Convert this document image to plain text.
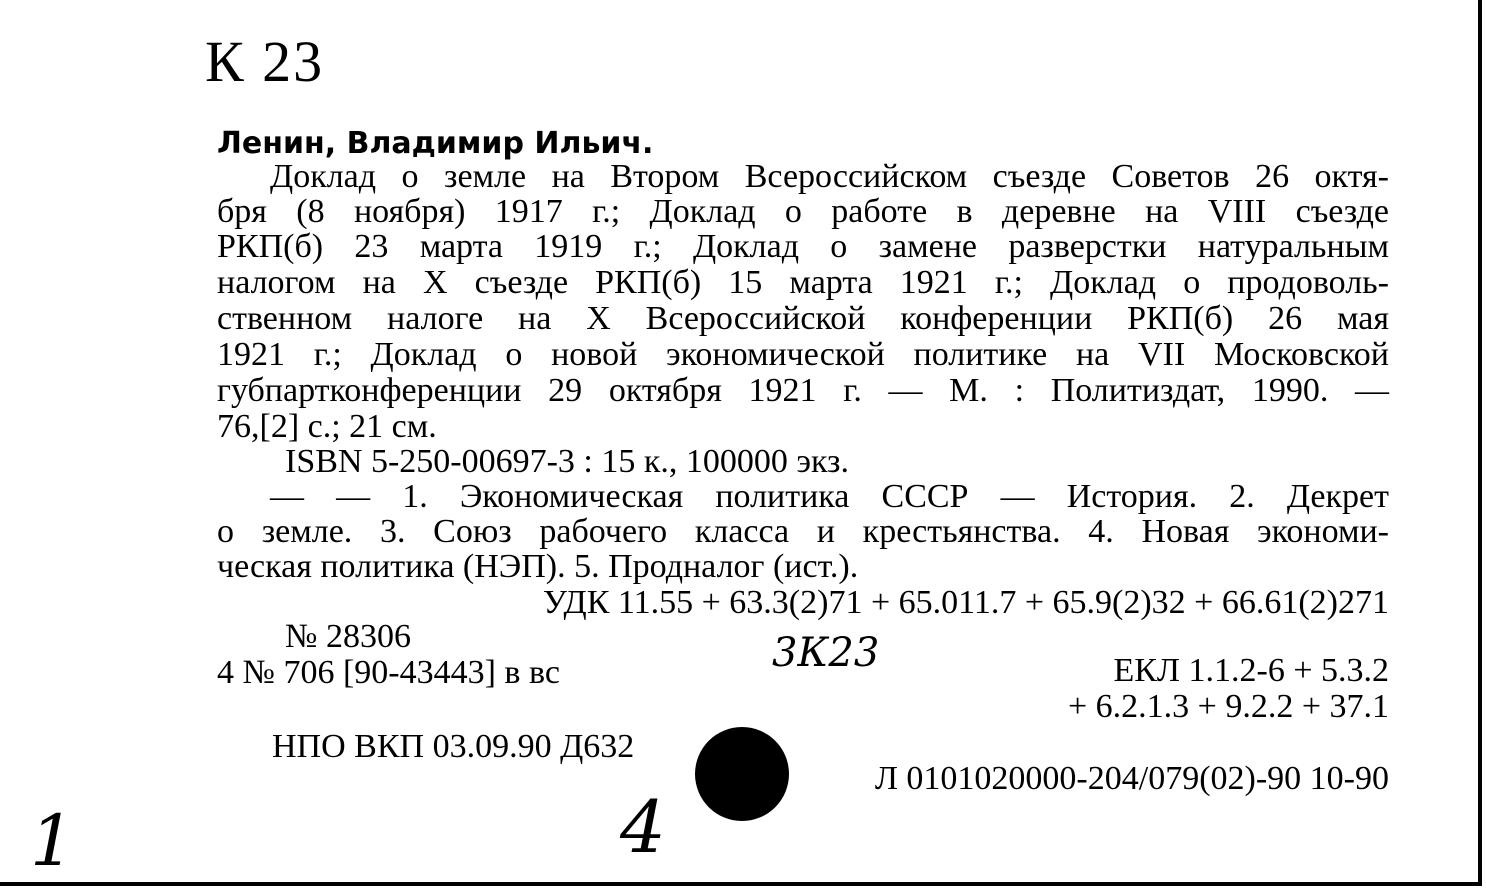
К 23
Ленин, Владимир Ильич.
Доклад о земле на Втором Всероссийском съезде Советов 26 октя-
бря (8 ноября) 1917 г.; Доклад о работе в деревне на VIII съезде
РКП(б) 23 марта 1919 г.; Доклад о замене разверстки натуральным
налогом на X съезде РКП(б) 15 марта 1921 г.; Доклад о продоволь-
ственном налоге на X Всероссийской конференции РКП(б) 26 мая
1921 г.; Доклад о новой экономической политике на VII Московской
губпартконференции 29 октября 1921 г. — М. : Политиздат, 1990. —
76,[2] с.; 21 см.
ISBN 5-250-00697-3 : 15 к., 100000 экз.
— — 1. Экономическая политика СССР — История. 2. Декрет
о земле. 3. Союз рабочего класса и крестьянства. 4. Новая экономи-
ческая политика (НЭП). 5. Продналог (ист.).
УДК 11.55 + 63.3(2)71 + 65.011.7 + 65.9(2)32 + 66.61(2)271
№ 28306
4 № 706 [90-43443] в вс	3К23	ЕКЛ 1.1.2-6 + 5.3.2
+ 6.2.1.3 + 9.2.2 + 37.1
НПО ВКП 03.09.90 Д632
Л 0101020000-204/079(02)-90 10-90
1	4
